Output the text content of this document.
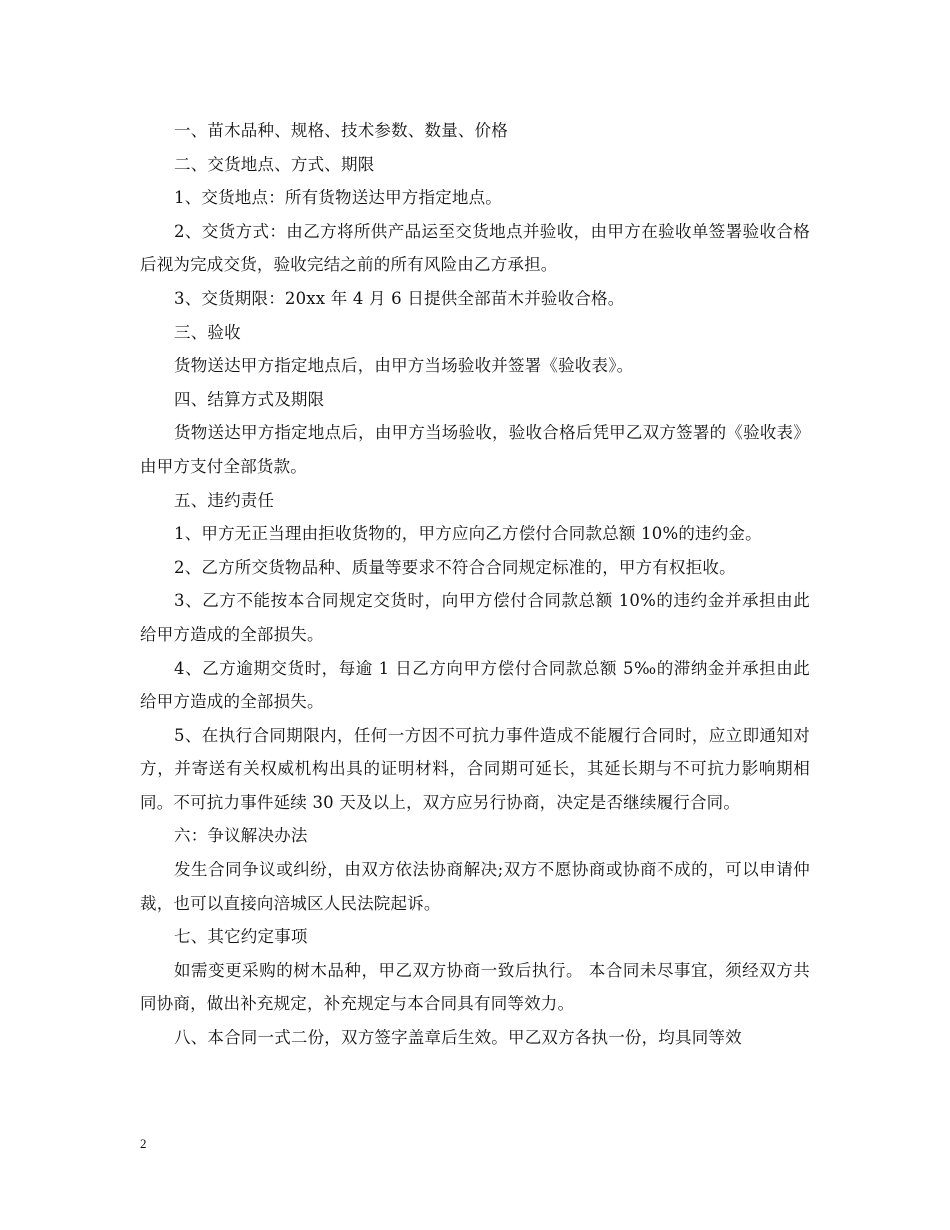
一、苗木品种、规格、技术参数、数量、价格

二、交货地点、方式、期限

1、交货地点：所有货物送达甲方指定地点。

2、交货方式：由乙方将所供产品运至交货地点并验收，由甲方在验收单签署验收合格后视为完成交货，验收完结之前的所有风险由乙方承担。

3、交货期限：20xx 年 4 月 6 日提供全部苗木并验收合格。

三、验收

货物送达甲方指定地点后，由甲方当场验收并签署《验收表》。

四、结算方式及期限

货物送达甲方指定地点后，由甲方当场验收，验收合格后凭甲乙双方签署的《验收表》由甲方支付全部货款。

五、违约责任

1、甲方无正当理由拒收货物的，甲方应向乙方偿付合同款总额 10%的违约金。

2、乙方所交货物品种、质量等要求不符合合同规定标准的，甲方有权拒收。

3、乙方不能按本合同规定交货时，向甲方偿付合同款总额 10%的违约金并承担由此给甲方造成的全部损失。

4、乙方逾期交货时，每逾 1 日乙方向甲方偿付合同款总额 5‰的滞纳金并承担由此给甲方造成的全部损失。

5、在执行合同期限内，任何一方因不可抗力事件造成不能履行合同时，应立即通知对方，并寄送有关权威机构出具的证明材料，合同期可延长，其延长期与不可抗力影响期相同。不可抗力事件延续 30 天及以上，双方应另行协商，决定是否继续履行合同。

六：争议解决办法

发生合同争议或纠纷，由双方依法协商解决;双方不愿协商或协商不成的，可以申请仲裁，也可以直接向涪城区人民法院起诉。

七、其它约定事项

如需变更采购的树木品种，甲乙双方协商一致后执行。 本合同未尽事宜，须经双方共同协商，做出补充规定，补充规定与本合同具有同等效力。

八、本合同一式二份，双方签字盖章后生效。甲乙双方各执一份，均具同等效

2
